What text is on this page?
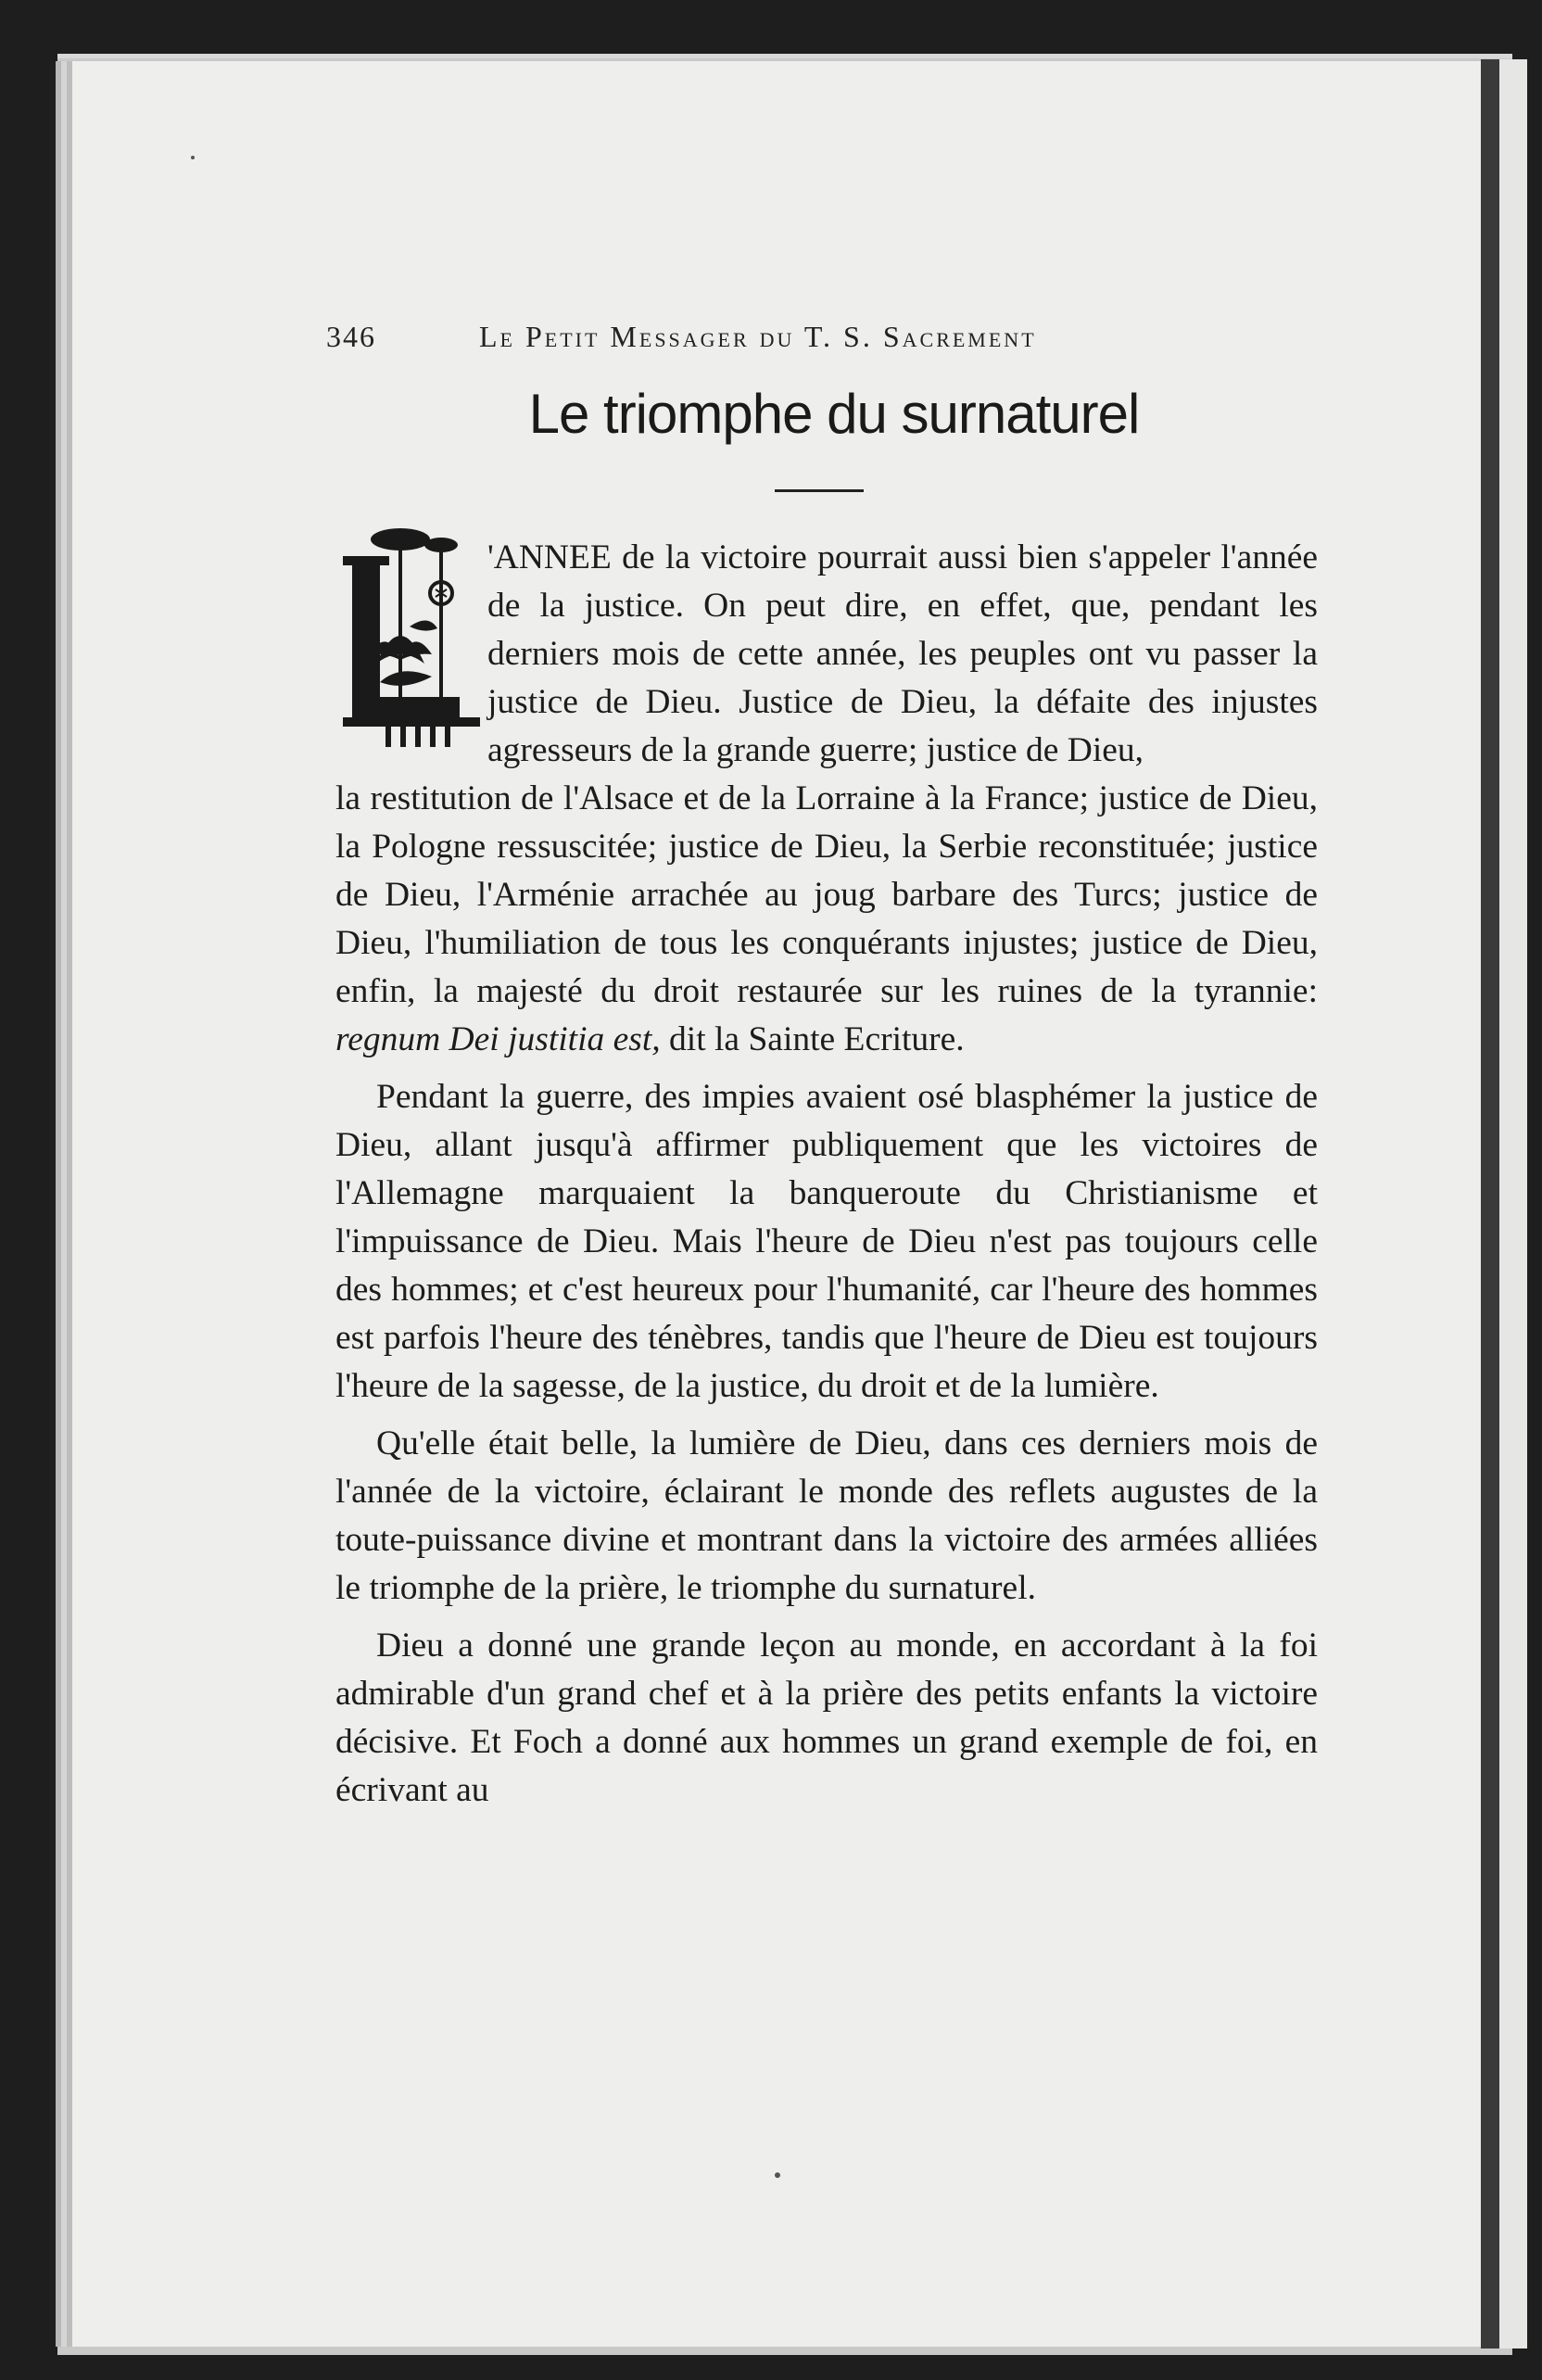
346	Le Petit Messager du T. S. Sacrement
Le triomphe du surnaturel

'ANNEE de la victoire pourrait aussi bien s'appeler l'année de la justice. On peut dire, en effet, que, pendant les derniers mois de cette année, les peuples ont vu passer la justice de Dieu. Justice de Dieu, la défaite des injustes agresseurs de la grande guerre; justice de Dieu,
la restitution de l'Alsace et de la Lorraine à la France; justice de Dieu, la Pologne ressuscitée; justice de Dieu, la Serbie reconstituée; justice de Dieu, l'Arménie arrachée au joug barbare des Turcs; justice de Dieu, l'humiliation de tous les conquérants injustes; justice de Dieu, enfin, la majesté du droit restaurée sur les ruines de la tyrannie: regnum Dei justitia est, dit la Sainte Ecriture.

Pendant la guerre, des impies avaient osé blasphémer la justice de Dieu, allant jusqu'à affirmer publiquement que les victoires de l'Allemagne marquaient la banqueroute du Christianisme et l'impuissance de Dieu. Mais l'heure de Dieu n'est pas toujours celle des hommes; et c'est heureux pour l'humanité, car l'heure des hommes est parfois l'heure des ténèbres, tandis que l'heure de Dieu est toujours l'heure de la sagesse, de la justice, du droit et de la lumière.

Qu'elle était belle, la lumière de Dieu, dans ces derniers mois de l'année de la victoire, éclairant le monde des reflets augustes de la toute-puissance divine et montrant dans la victoire des armées alliées le triomphe de la prière, le triomphe du surnaturel.

Dieu a donné une grande leçon au monde, en accordant à la foi admirable d'un grand chef et à la prière des petits enfants la victoire décisive. Et Foch a donné aux hommes un grand exemple de foi, en écrivant au
